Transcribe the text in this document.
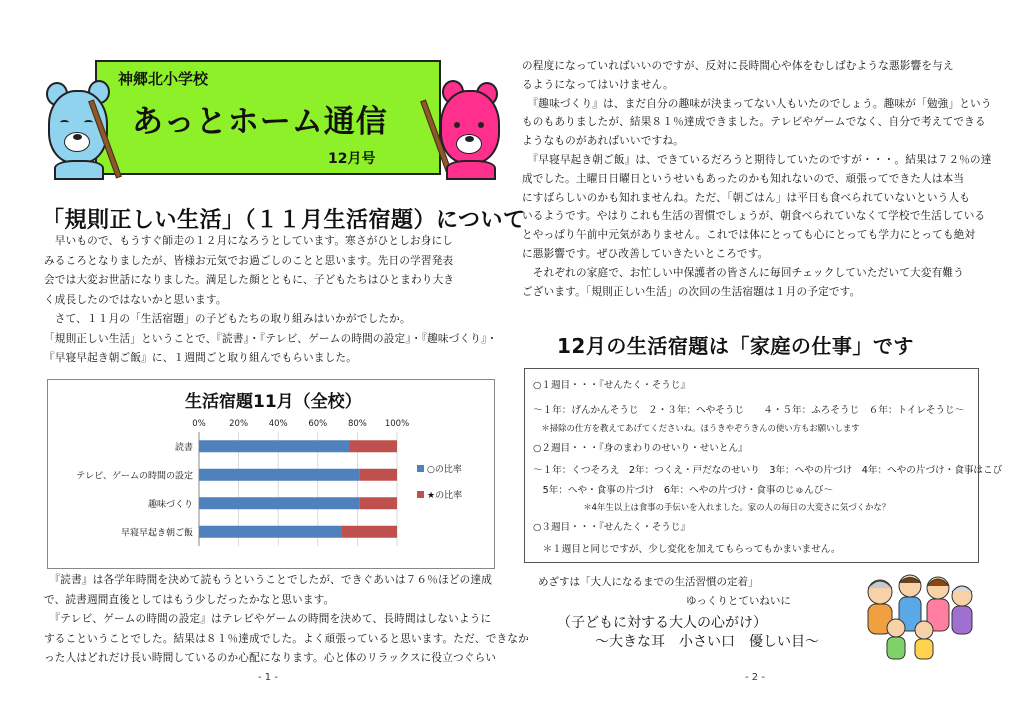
神郷北小学校
あっとホーム通信
12月号
「規則正しい生活」（１１月生活宿題）について
　早いもので、もうすぐ師走の１２月になろうとしています。寒さがひとしお身にし
みるころとなりましたが、皆様お元気でお過ごしのことと思います。先日の学習発表
会では大変お世話になりました。満足した顔とともに、子どもたちはひとまわり大き
く成長したのではないかと思います。
　さて、１１月の「生活宿題」の子どもたちの取り組みはいかがでしたか。
「規則正しい生活」ということで、『読書』・『テレビ、ゲームの時間の設定』・『趣味づくり』・
『早寝早起き朝ご飯』に、１週間ごと取り組んでもらいました。
生活宿題11月（全校）
0%	20% 40% 60% 80% 100%
読書
テレビ、ゲームの時間の設定
趣味づくり
早寝早起き朝ご飯
○の比率
★の比率
　『読書』は各学年時間を決めて読もうということでしたが、できぐあいは７６％ほどの達成
で、読書週間直後としてはもう少しだったかなと思います。
　『テレビ、ゲームの時間の設定』はテレビやゲームの時間を決めて、長時間はしないように
するこということでした。結果は８１％達成でした。よく頑張っていると思います。ただ、できなか
った人はどれだけ長い時間しているのか心配になります。心と体のリラックスに役立つぐらい
- 1 -
の程度になっていればいいのですが、反対に長時間心や体をむしばむような悪影響を与え
るようになってはいけません。
　『趣味づくり』は、まだ自分の趣味が決まってない人もいたのでしょう。趣味が「勉強」という
ものもありましたが、結果８１％達成できました。テレビやゲームでなく、自分で考えてできる
ようなものがあればいいですね。
　『早寝早起き朝ご飯』は、できているだろうと期待していたのですが・・・。結果は７２％の達
成でした。土曜日日曜日というせいもあったのかも知れないので、頑張ってできた人は本当
にすばらしいのかも知れませんね。ただ、「朝ごはん」は平日も食べられていないという人も
いるようです。やはりこれも生活の習慣でしょうが、朝食べられていなくて学校で生活している
とやっぱり午前中元気がありません。これでは体にとっても心にとっても学力にとっても絶対
に悪影響です。ぜひ改善していきたいところです。
　それぞれの家庭で、お忙しい中保護者の皆さんに毎回チェックしていただいて大変有難う
ございます。「規則正しい生活」の次回の生活宿題は１月の予定です。
12月の生活宿題は「家庭の仕事」です
○１週目・・・『せんたく・そうじ』
～１年：げんかんそうじ　２・３年：へやそうじ　　４・５年：ふろそうじ　６年：トイレそうじ～
　＊掃除の仕方を教えてあげてくださいね。ほうきやぞうきんの使い方もお願いします
○２週目・・・『身のまわりのせいり・せいとん』
～１年：くつそろえ　2年：つくえ・戸だなのせいり　3年：へやの片づけ　4年：へやの片づけ・食事はこび
　5年：へや・食事の片づけ　6年：へやの片づけ・食事のじゅんび～
　　　　　　＊4年生以上は食事の手伝いを入れました。家の人の毎日の大変さに気づくかな？
○３週目・・・『せんたく・そうじ』
　＊１週目と同じですが、少し変化を加えてもらってもかまいません。
めざすは「大人になるまでの生活習慣の定着」
ゆっくりとていねいに
（子どもに対する大人の心がけ）
～大きな耳　小さい口　優しい目～
- 2 -
